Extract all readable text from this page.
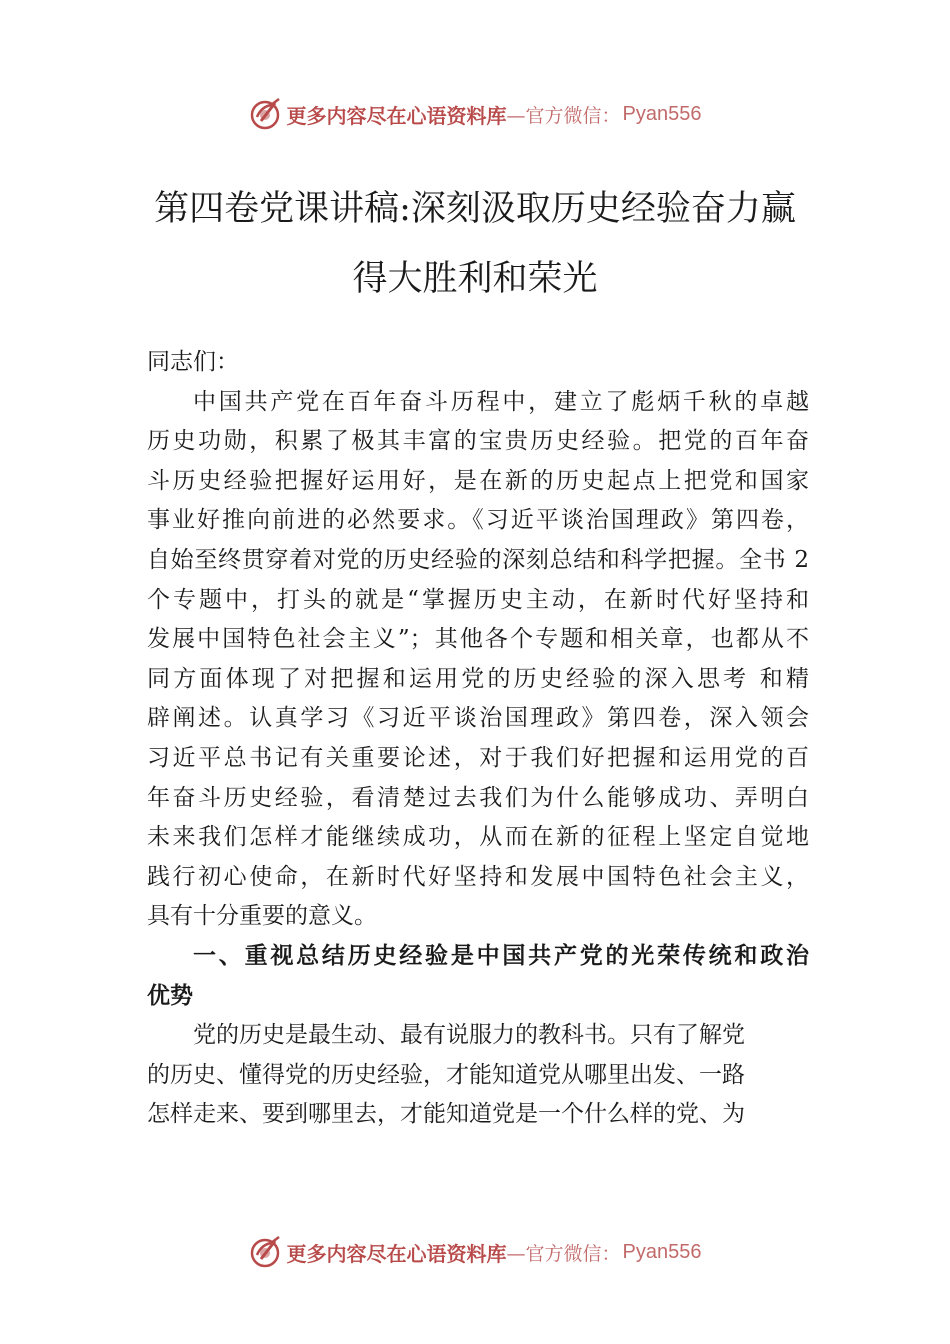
更多内容尽在心语资料库 —官方微信： Pyan556
第四卷党课讲稿:深刻汲取历史经验奋力赢
得大胜利和荣光
同志们：
中国共产党在百年奋斗历程中，建立了彪炳千秋的卓越
历史功勋，积累了极其丰富的宝贵历史经验。把党的百年奋
斗历史经验把握好运用好，是在新的历史起点上把党和国家
事业好推向前进的必然要求。《习近平谈治国理政》第四卷，
自始至终贯穿着对党的历史经验的深刻总结和科学把握。全书 2
个专题中，打头的就是“掌握历史主动，在新时代好坚持和
发展中国特色社会主义”；其他各个专题和相关章，也都从不
同方面体现了对把握和运用党的历史经验的深入思考 和精
辟阐述。认真学习《习近平谈治国理政》第四卷，深入领会
习近平总书记有关重要论述，对于我们好把握和运用党的百
年奋斗历史经验，看清楚过去我们为什么能够成功、弄明白
未来我们怎样才能继续成功，从而在新的征程上坚定自觉地
践行初心使命，在新时代好坚持和发展中国特色社会主义，
具有十分重要的意义。
一、重视总结历史经验是中国共产党的光荣传统和政治
优势
党的历史是最生动、最有说服力的教科书。只有了解党
的历史、懂得党的历史经验，才能知道党从哪里出发、一路
怎样走来、要到哪里去，才能知道党是一个什么样的党、为
更多内容尽在心语资料库 —官方微信： Pyan556
